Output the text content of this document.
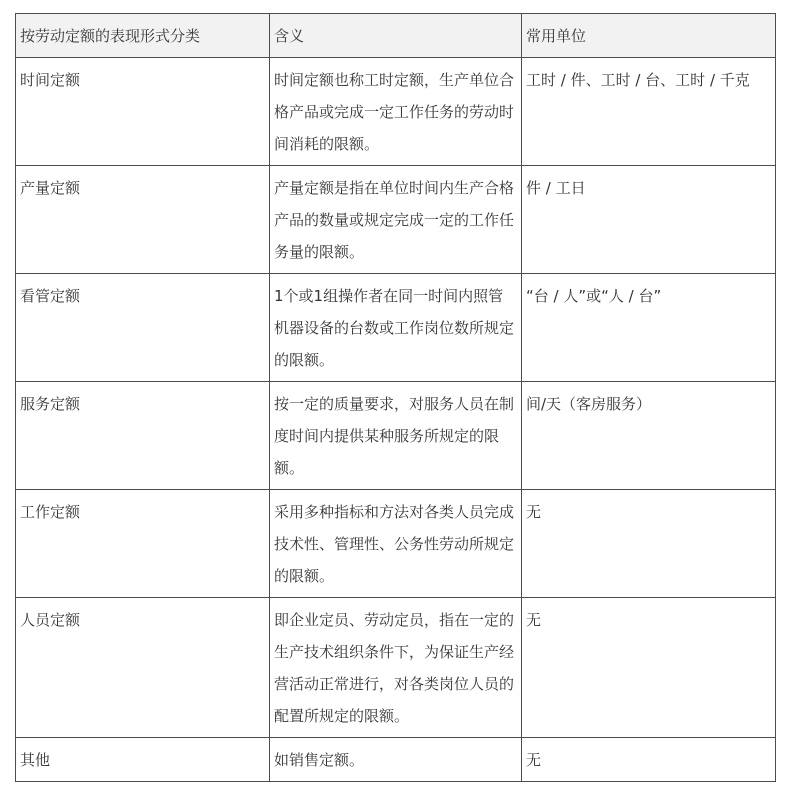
按劳动定额的表现形式分类	含义	常用单位
时间定额	时间定额也称工时定额，生产单位合格产品或完成一定工作任务的劳动时间消耗的限额。	工时 / 件、工时 / 台、工时 / 千克
产量定额	产量定额是指在单位时间内生产合格产品的数量或规定完成一定的工作任务量的限额。	件 / 工日
看管定额	1个或1组操作者在同一时间内照管机器设备的台数或工作岗位数所规定的限额。	“台 / 人”或“人 / 台”
服务定额	按一定的质量要求，对服务人员在制度时间内提供某种服务所规定的限额。	间/天（客房服务）
工作定额	采用多种指标和方法对各类人员完成技术性、管理性、公务性劳动所规定的限额。	无
人员定额	即企业定员、劳动定员，指在一定的生产技术组织条件下，为保证生产经营活动正常进行，对各类岗位人员的配置所规定的限额。	无
其他	如销售定额。	无
